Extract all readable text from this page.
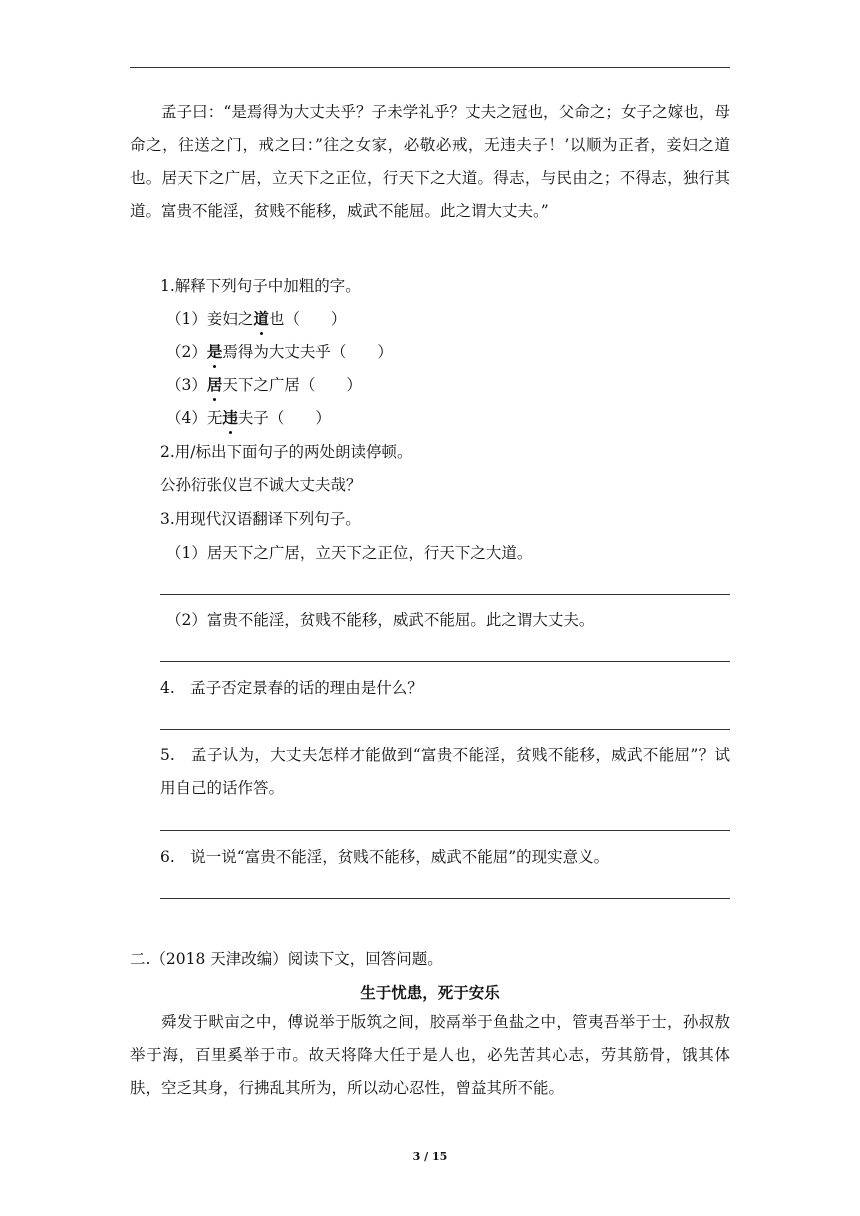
孟子曰：“是焉得为大丈夫乎？子未学礼乎？丈夫之冠也，父命之；女子之嫁也，母命之，往送之门，戒之曰：”往之女家，必敬必戒，无违夫子！’以顺为正者，妾妇之道也。居天下之广居，立天下之正位，行天下之大道。得志，与民由之；不得志，独行其道。富贵不能淫，贫贱不能移，威武不能屈。此之谓大丈夫。”
1.解释下列句子中加粗的字。
（1）妾妇之道也（　　）
（2）是焉得为大丈夫乎（　　）
（3）居天下之广居（　　）
（4）无违夫子（　　）
2.用/标出下面句子的两处朗读停顿。
公孙衍张仪岂不诚大丈夫哉？
3.用现代汉语翻译下列句子。
（1）居天下之广居，立天下之正位，行天下之大道。
（2）富贵不能淫，贫贱不能移，威武不能屈。此之谓大丈夫。
4.　孟子否定景春的话的理由是什么？
5.　孟子认为，大丈夫怎样才能做到“富贵不能淫，贫贱不能移，威武不能屈”？试用自己的话作答。
6.　说一说“富贵不能淫，贫贱不能移，威武不能屈”的现实意义。
二.（2018 天津改编）阅读下文，回答问题。
生于忧患，死于安乐
舜发于畎亩之中，傅说举于版筑之间，胶鬲举于鱼盐之中，管夷吾举于士，孙叔敖举于海，百里奚举于市。故天将降大任于是人也，必先苦其心志，劳其筋骨，饿其体肤，空乏其身，行拂乱其所为，所以动心忍性，曾益其所不能。
3 / 15
